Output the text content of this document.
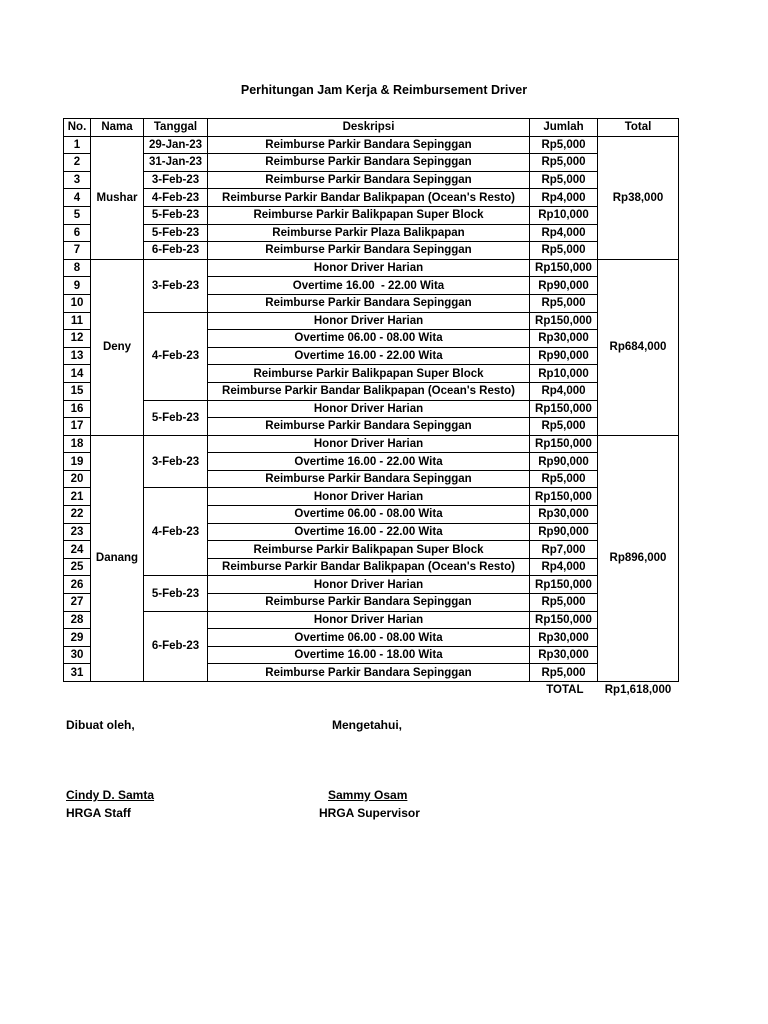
Perhitungan Jam Kerja & Reimbursement Driver
No.	Nama	Tanggal	Deskripsi	Jumlah	Total
1	Mushar	29-Jan-23	Reimburse Parkir Bandara Sepinggan	Rp5,000	Rp38,000
2		31-Jan-23	Reimburse Parkir Bandara Sepinggan	Rp5,000	
3		3-Feb-23	Reimburse Parkir Bandara Sepinggan	Rp5,000	
4		4-Feb-23	Reimburse Parkir Bandar Balikpapan (Ocean's Resto)	Rp4,000	
5		5-Feb-23	Reimburse Parkir Balikpapan Super Block	Rp10,000	
6		5-Feb-23	Reimburse Parkir Plaza Balikpapan	Rp4,000	
7		6-Feb-23	Reimburse Parkir Bandara Sepinggan	Rp5,000	
8	Deny	3-Feb-23	Honor Driver Harian	Rp150,000	Rp684,000
9			Overtime 16.00  - 22.00 Wita	Rp90,000	
10			Reimburse Parkir Bandara Sepinggan	Rp5,000	
11		4-Feb-23	Honor Driver Harian	Rp150,000	
12			Overtime 06.00 - 08.00 Wita	Rp30,000	
13			Overtime 16.00 - 22.00 Wita	Rp90,000	
14			Reimburse Parkir Balikpapan Super Block	Rp10,000	
15			Reimburse Parkir Bandar Balikpapan (Ocean's Resto)	Rp4,000	
16		5-Feb-23	Honor Driver Harian	Rp150,000	
17			Reimburse Parkir Bandara Sepinggan	Rp5,000	
18	Danang	3-Feb-23	Honor Driver Harian	Rp150,000	Rp896,000
19			Overtime 16.00 - 22.00 Wita	Rp90,000	
20			Reimburse Parkir Bandara Sepinggan	Rp5,000	
21		4-Feb-23	Honor Driver Harian	Rp150,000	
22			Overtime 06.00 - 08.00 Wita	Rp30,000	
23			Overtime 16.00 - 22.00 Wita	Rp90,000	
24			Reimburse Parkir Balikpapan Super Block	Rp7,000	
25			Reimburse Parkir Bandar Balikpapan (Ocean's Resto)	Rp4,000	
26		5-Feb-23	Honor Driver Harian	Rp150,000	
27			Reimburse Parkir Bandara Sepinggan	Rp5,000	
28		6-Feb-23	Honor Driver Harian	Rp150,000	
29			Overtime 06.00 - 08.00 Wita	Rp30,000	
30			Overtime 16.00 - 18.00 Wita	Rp30,000	
31			Reimburse Parkir Bandara Sepinggan	Rp5,000	
				TOTAL	Rp1,618,000
Dibuat oleh,
Cindy D. Samta
HRGA Staff
Mengetahui,
Sammy Osam
HRGA Supervisor
